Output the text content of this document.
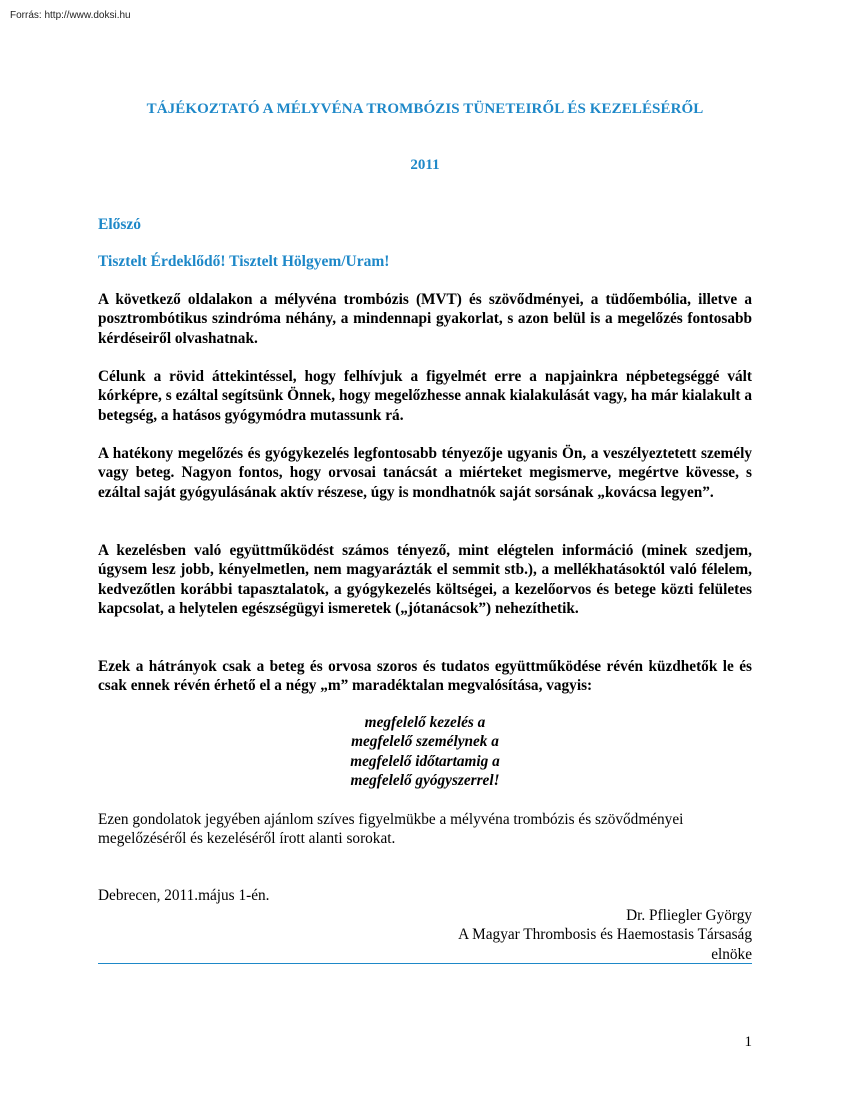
Forrás: http://www.doksi.hu
TÁJÉKOZTATÓ A MÉLYVÉNA TROMBÓZIS TÜNETEIRŐL ÉS KEZELÉSÉRŐL
2011
Előszó
Tisztelt Érdeklődő! Tisztelt Hölgyem/Uram!
A következő oldalakon a mélyvéna trombózis (MVT) és szövődményei, a tüdőembólia, illetve a posztrombótikus szindróma néhány, a mindennapi gyakorlat, s azon belül is a megelőzés fontosabb kérdéseiről olvashatnak.
Célunk a rövid áttekintéssel, hogy felhívjuk a figyelmét erre a napjainkra népbetegséggé vált kórképre, s ezáltal segítsünk Önnek, hogy megelőzhesse annak kialakulását vagy, ha már kialakult a betegség, a hatásos gyógymódra mutassunk rá.
A hatékony megelőzés és gyógykezelés legfontosabb tényezője ugyanis Ön, a veszélyeztetett személy vagy beteg. Nagyon fontos, hogy orvosai tanácsát a miérteket megismerve, megértve kövesse, s ezáltal saját gyógyulásának aktív részese, úgy is mondhatnók saját sorsának „kovácsa legyen”.
A kezelésben való együttműködést számos tényező, mint elégtelen információ (minek szedjem, úgysem lesz jobb, kényelmetlen, nem magyarázták el semmit stb.), a mellékhatásoktól való félelem, kedvezőtlen korábbi tapasztalatok, a gyógykezelés költségei, a kezelőorvos és betege közti felületes kapcsolat, a helytelen egészségügyi ismeretek („jótanácsok”) nehezíthetik.
Ezek a hátrányok csak a beteg és orvosa szoros és tudatos együttműködése révén küzdhetők le és csak ennek révén érhető el a négy „m” maradéktalan megvalósítása, vagyis:
megfelelő kezelés a
megfelelő személynek a
megfelelő időtartamig a
megfelelő gyógyszerrel!
Ezen gondolatok jegyében ajánlom szíves figyelmükbe a mélyvéna trombózis és szövődményei megelőzéséről és kezeléséről írott alanti sorokat.
Debrecen, 2011.május 1-én.
Dr. Pfliegler György
A Magyar Thrombosis és Haemostasis Társaság
elnöke
1
